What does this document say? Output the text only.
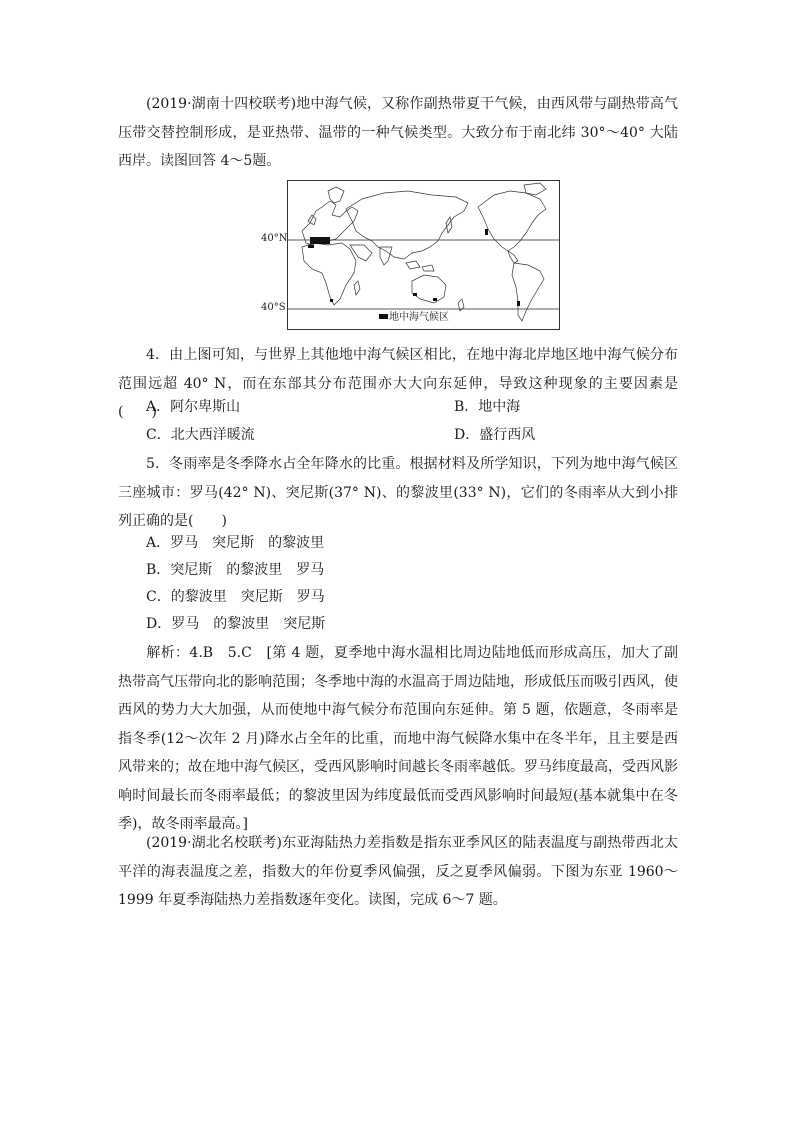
(2019·湖南十四校联考)地中海气候，又称作副热带夏干气候，由西风带与副热带高气压带交替控制形成，是亚热带、温带的一种气候类型。大致分布于南北纬 30°～40° 大陆西岸。读图回答 4～5题。

40°N
40°S
地中海气候区

4．由上图可知，与世界上其他地中海气候区相比，在地中海北岸地区地中海气候分布范围远超 40° N，而在东部其分布范围亦大大向东延伸，导致这种现象的主要因素是(　　)

A．阿尔卑斯山	B．地中海
C．北大西洋暖流	D．盛行西风

5．冬雨率是冬季降水占全年降水的比重。根据材料及所学知识，下列为地中海气候区三座城市：罗马(42° N)、突尼斯(37° N)、的黎波里(33° N)，它们的冬雨率从大到小排列正确的是(　　)

A．罗马　突尼斯　的黎波里
B．突尼斯　的黎波里　罗马
C．的黎波里　突尼斯　罗马
D．罗马　的黎波里　突尼斯

解析：4.B　5.C　[第 4 题，夏季地中海水温相比周边陆地低而形成高压，加大了副热带高气压带向北的影响范围；冬季地中海的水温高于周边陆地，形成低压而吸引西风，使西风的势力大大加强，从而使地中海气候分布范围向东延伸。第 5 题，依题意，冬雨率是指冬季(12～次年 2 月)降水占全年的比重，而地中海气候降水集中在冬半年，且主要是西风带来的；故在地中海气候区，受西风影响时间越长冬雨率越低。罗马纬度最高，受西风影响时间最长而冬雨率最低；的黎波里因为纬度最低而受西风影响时间最短(基本就集中在冬季)，故冬雨率最高。]

(2019·湖北名校联考)东亚海陆热力差指数是指东亚季风区的陆表温度与副热带西北太平洋的海表温度之差，指数大的年份夏季风偏强，反之夏季风偏弱。下图为东亚 1960～1999 年夏季海陆热力差指数逐年变化。读图，完成 6～7 题。
